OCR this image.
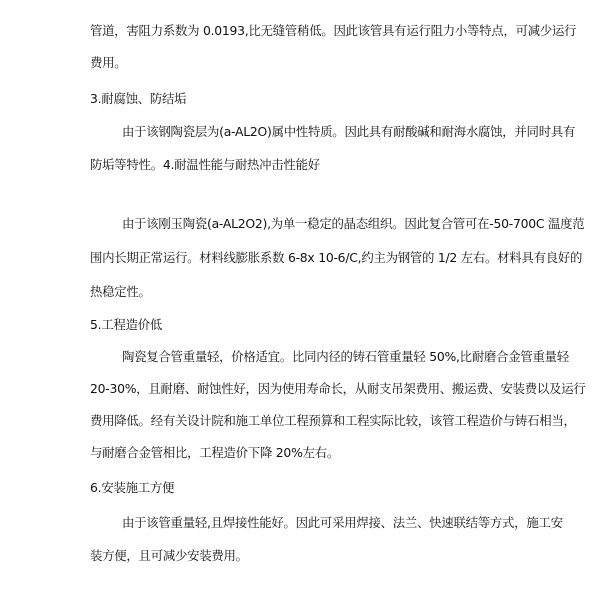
管道，害阻力系数为 0.0193,比无缝管稍低。因此该管具有运行阻力小等特点，可减少运行
费用。
3.耐腐蚀、防结垢
由于该钢陶瓷层为(a-AL2O)属中性特质。因此具有耐酸碱和耐海水腐蚀，并同时具有
防垢等特性。4.耐温性能与耐热冲击性能好
由于该刚玉陶瓷(a-AL2O2),为单一稳定的晶态组织。因此复合管可在-50-700C 温度范
围内长期正常运行。材料线膨胀系数 6-8x 10-6/C,约主为钢管的 1/2 左右。材料具有良好的
热稳定性。
5.工程造价低
陶瓷复合管重量轻，价格适宜。比同内径的铸石管重量轻 50%,比耐磨合金管重量轻
20-30%，且耐磨、耐蚀性好，因为使用寿命长，从耐支吊架费用、搬运费、安装费以及运行
费用降低。经有关设计院和施工单位工程预算和工程实际比较，该管工程造价与铸石相当，
与耐磨合金管相比，工程造价下降 20%左右。
6.安装施工方便
由于该管重量轻,且焊接性能好。因此可采用焊接、法兰、快速联结等方式，施工安
装方便，且可减少安装费用。
